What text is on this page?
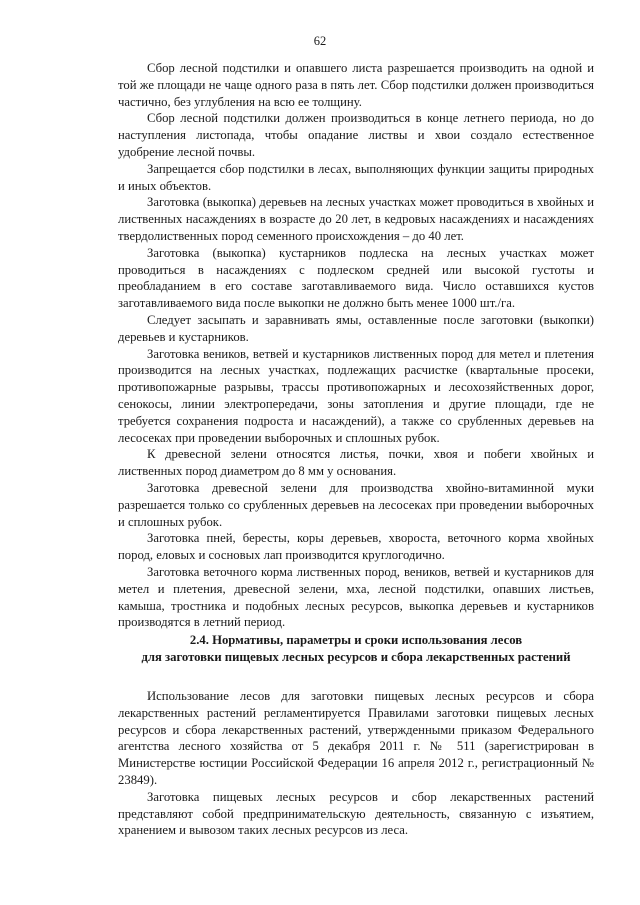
62

Сбор лесной подстилки и опавшего листа разрешается производить на одной и той же площади не чаще одного раза в пять лет. Сбор подстилки должен производиться частично, без углубления на всю ее толщину.

Сбор лесной подстилки должен производиться в конце летнего периода, но до наступления листопада, чтобы опадание листвы и хвои создало естественное удобрение лесной почвы.

Запрещается сбор подстилки в лесах, выполняющих функции защиты природных и иных объектов.

Заготовка (выкопка) деревьев на лесных участках может проводиться в хвойных и лиственных насаждениях в возрасте до 20 лет, в кедровых насаждениях и насаждениях твердолиственных пород семенного происхождения – до 40 лет.

Заготовка (выкопка) кустарников подлеска на лесных участках может проводиться в насаждениях с подлеском средней или высокой густоты и преобладанием в его составе заготавливаемого вида. Число оставшихся кустов заготавливаемого вида после выкопки не должно быть менее 1000 шт./га.

Следует засыпать и заравнивать ямы, оставленные после заготовки (выкопки) деревьев и кустарников.

Заготовка веников, ветвей и кустарников лиственных пород для метел и плетения производится на лесных участках, подлежащих расчистке (квартальные просеки, противопожарные разрывы, трассы противопожарных и лесохозяйственных дорог, сенокосы, линии электропередачи, зоны затопления и другие площади, где не требуется сохранения подроста и насаждений), а также со срубленных деревьев на лесосеках при проведении выборочных и сплошных рубок.

К древесной зелени относятся листья, почки, хвоя и побеги хвойных и лиственных пород диаметром до 8 мм у основания.

Заготовка древесной зелени для производства хвойно-витаминной муки разрешается только со срубленных деревьев на лесосеках при проведении выборочных и сплошных рубок.

Заготовка пней, бересты, коры деревьев, хвороста, веточного корма хвойных пород, еловых и сосновых лап производится круглогодично.

Заготовка веточного корма лиственных пород, веников, ветвей и кустарников для метел и плетения, древесной зелени, мха, лесной подстилки, опавших листьев, камыша, тростника и подобных лесных ресурсов, выкопка деревьев и кустарников производятся в летний период.

2.4. Нормативы, параметры и сроки использования лесов
для заготовки пищевых лесных ресурсов и сбора лекарственных растений

Использование лесов для заготовки пищевых лесных ресурсов и сбора лекарственных растений регламентируется Правилами заготовки пищевых лесных ресурсов и сбора лекарственных растений, утвержденными приказом Федерального агентства лесного хозяйства от 5 декабря 2011 г. № 511 (зарегистрирован в Министерстве юстиции Российской Федерации 16 апреля 2012 г., регистрационный № 23849).

Заготовка пищевых лесных ресурсов и сбор лекарственных растений представляют собой предпринимательскую деятельность, связанную с изъятием, хранением и вывозом таких лесных ресурсов из леса.
